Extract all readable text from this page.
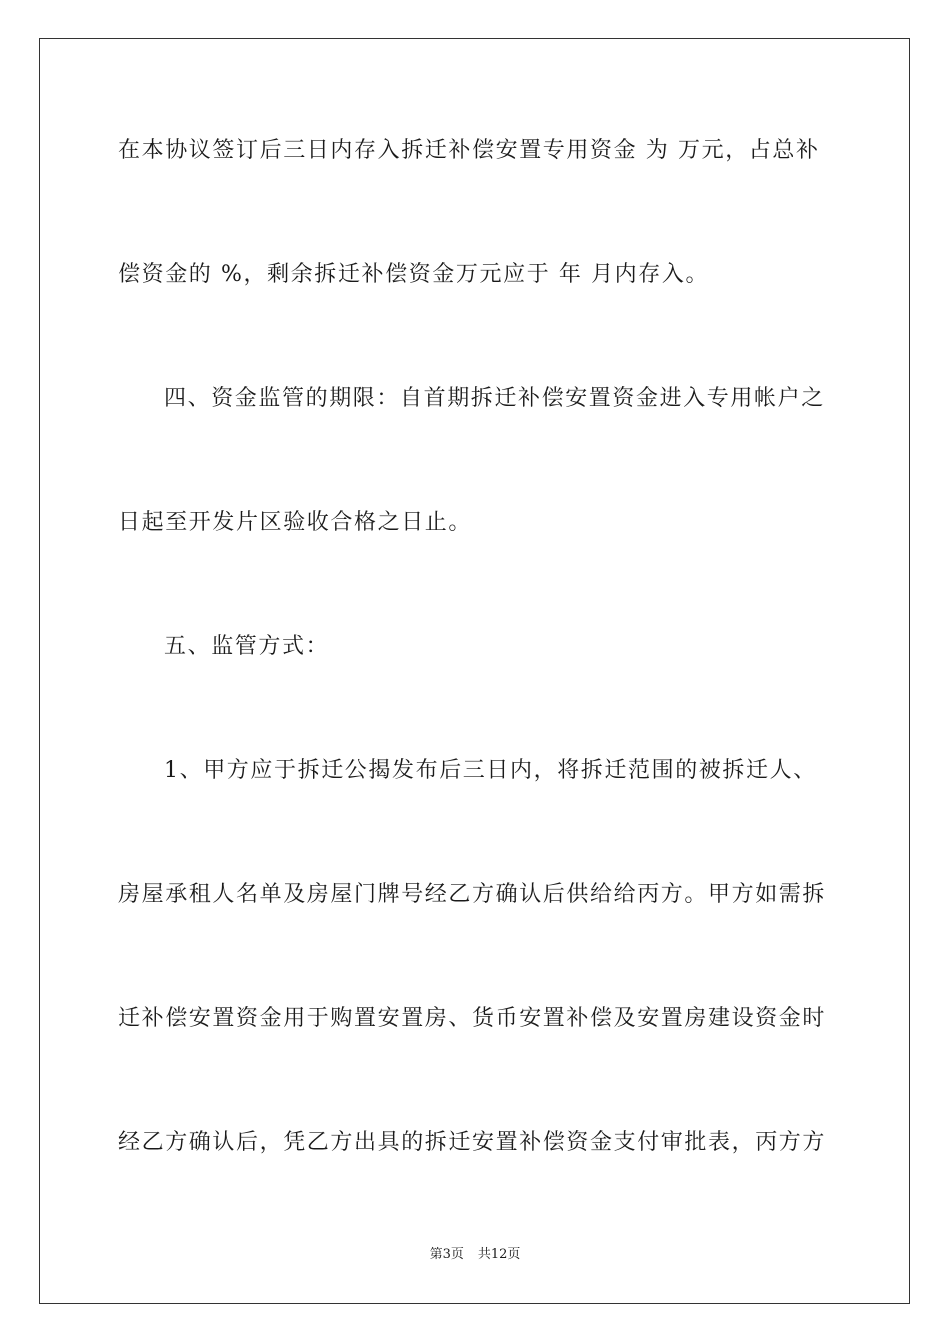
在本协议签订后三日内存入拆迁补偿安置专用资金 为 万元，占总补
偿资金的 %，剩余拆迁补偿资金万元应于 年 月内存入。
四、资金监管的期限：自首期拆迁补偿安置资金进入专用帐户之
日起至开发片区验收合格之日止。
五、监管方式：
1、甲方应于拆迁公揭发布后三日内，将拆迁范围的被拆迁人、
房屋承租人名单及房屋门牌号经乙方确认后供给给丙方。甲方如需拆
迁补偿安置资金用于购置安置房、货币安置补偿及安置房建设资金时
经乙方确认后，凭乙方出具的拆迁安置补偿资金支付审批表，丙方方
第3页 共12页
